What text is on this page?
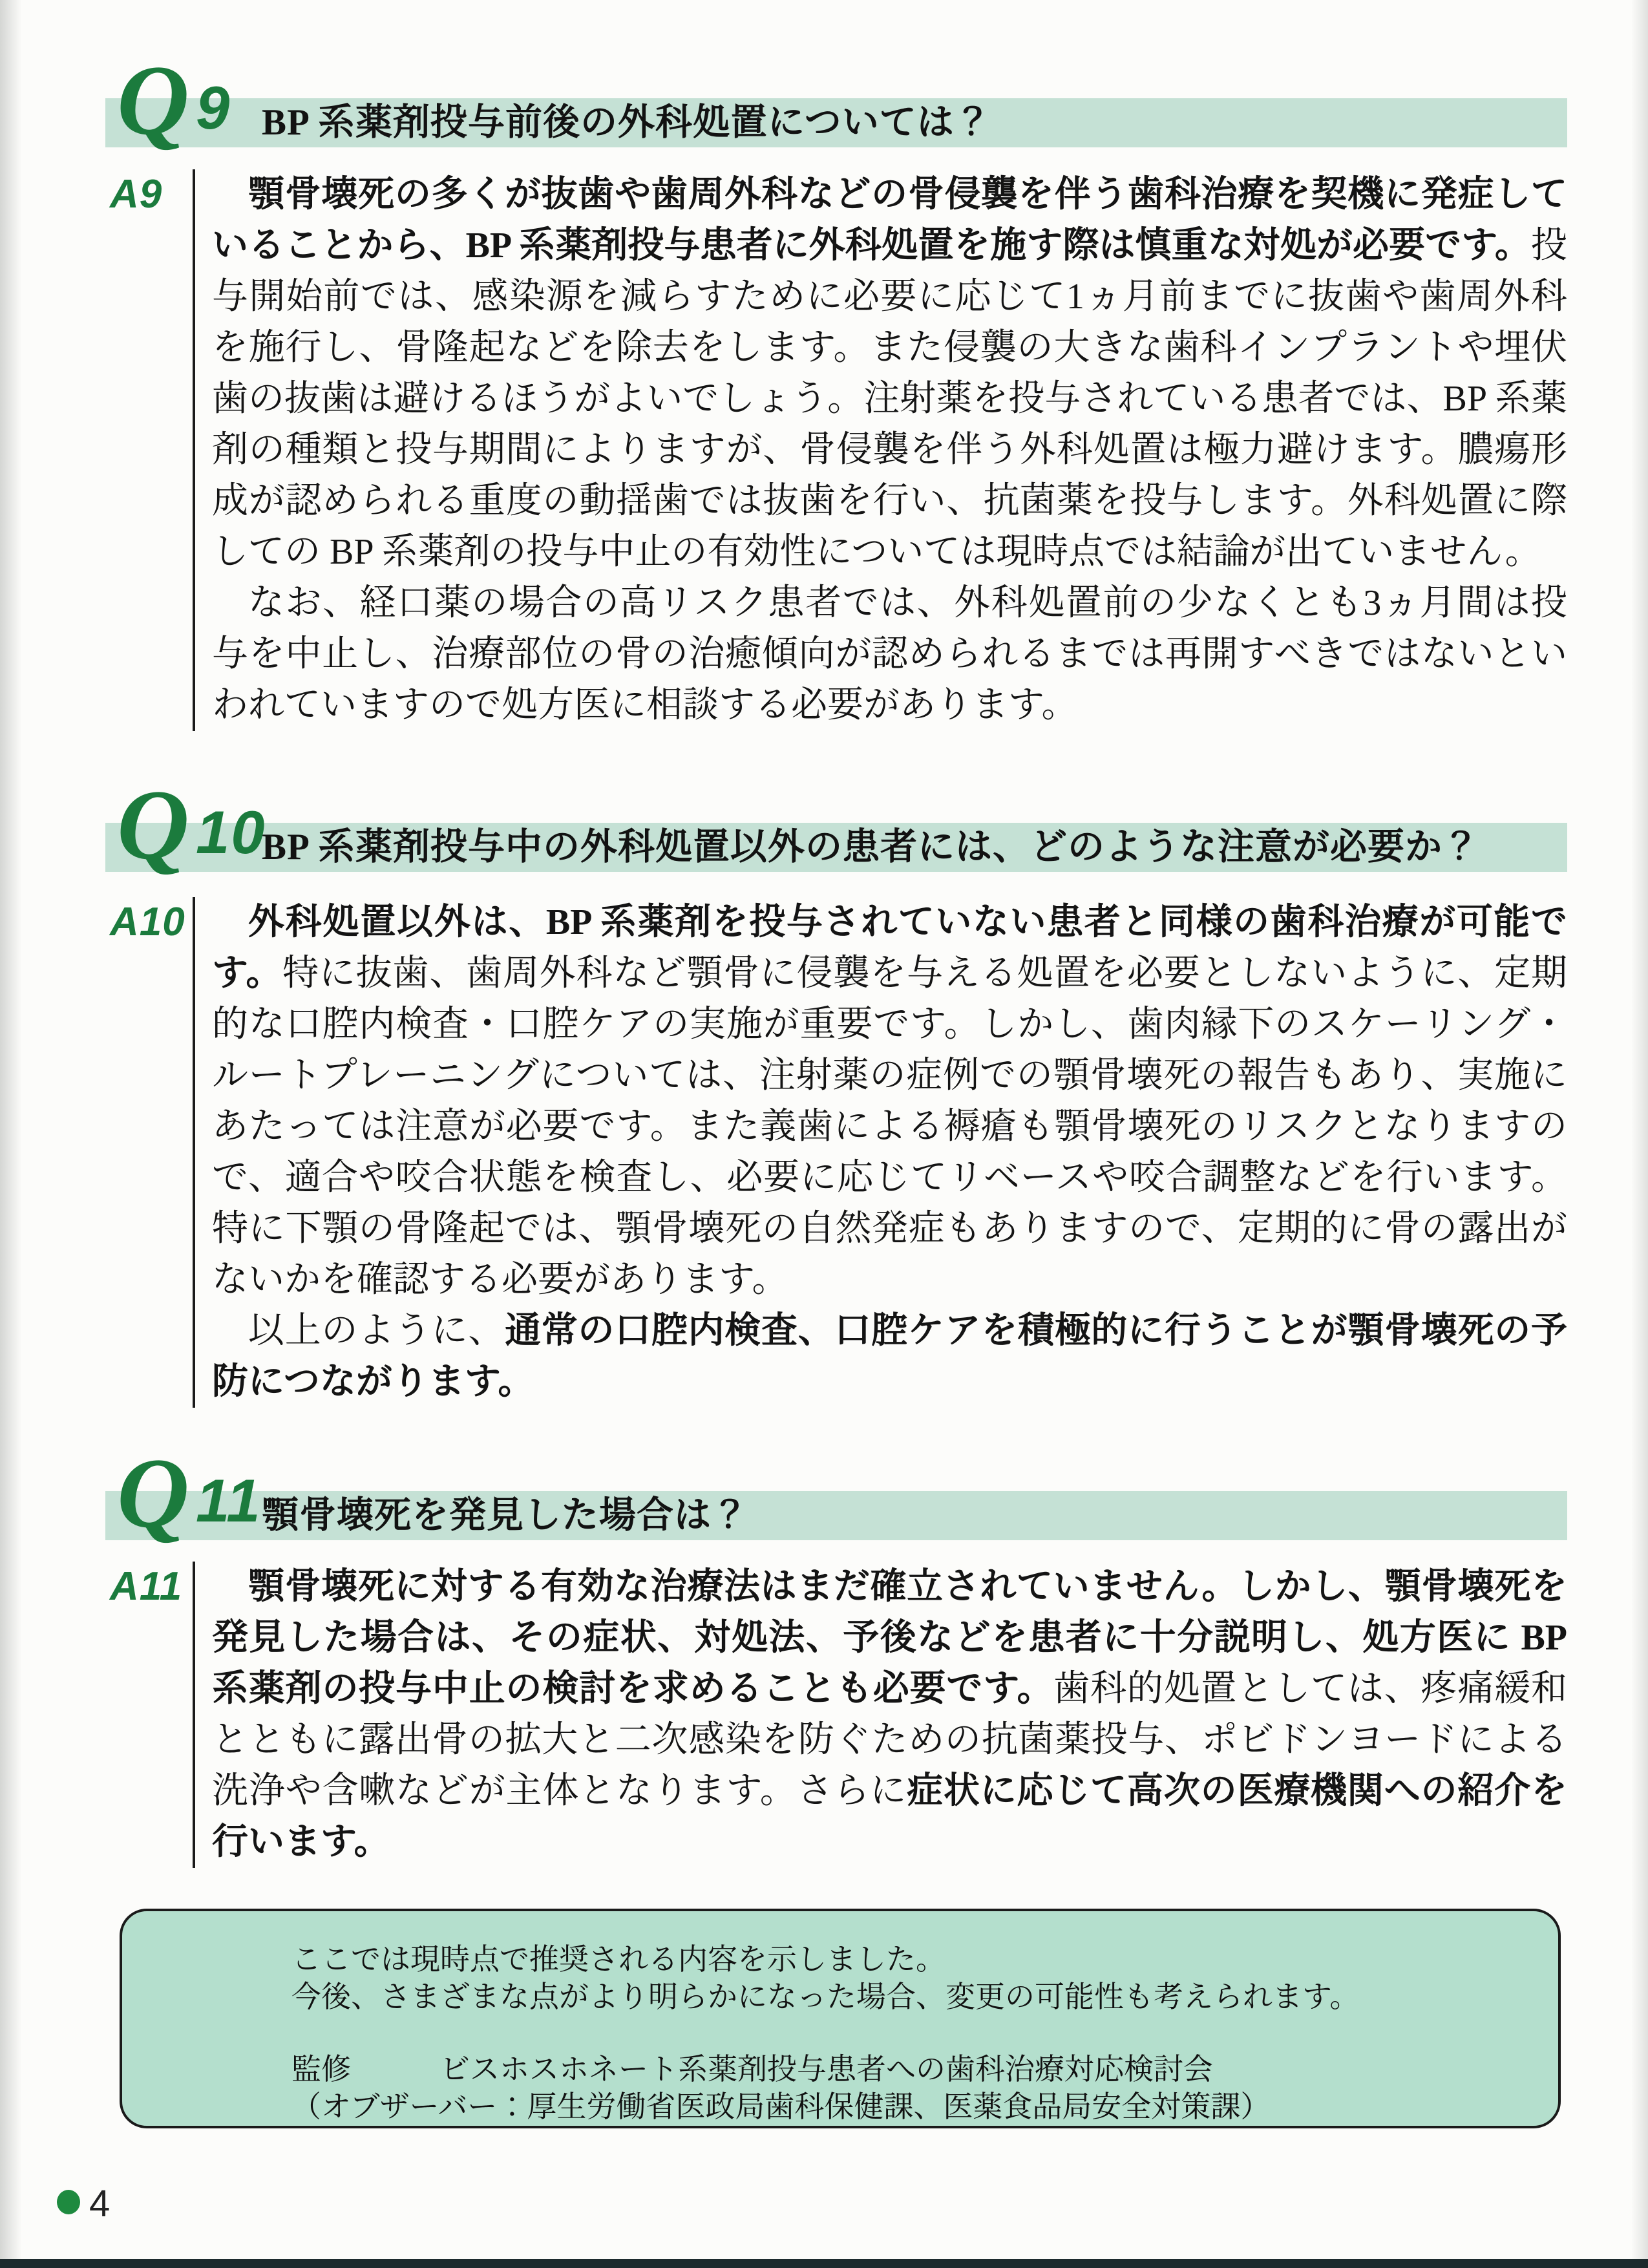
BP 系薬剤投与前後の外科処置については？
Q 9
A9	顎骨壊死の多くが抜歯や歯周外科などの骨侵襲を伴う歯科治療を契機に発症していることから、BP 系薬剤投与患者に外科処置を施す際は慎重な対処が必要です。投与開始前では、感染源を減らすために必要に応じて1ヵ月前までに抜歯や歯周外科を施行し、骨隆起などを除去をします。また侵襲の大きな歯科インプラントや埋伏歯の抜歯は避けるほうがよいでしょう。注射薬を投与されている患者では、BP 系薬剤の種類と投与期間によりますが、骨侵襲を伴う外科処置は極力避けます。膿瘍形成が認められる重度の動揺歯では抜歯を行い、抗菌薬を投与します。外科処置に際しての BP 系薬剤の投与中止の有効性については現時点では結論が出ていません。

なお、経口薬の場合の高リスク患者では、外科処置前の少なくとも3ヵ月間は投与を中止し、治療部位の骨の治癒傾向が認められるまでは再開すべきではないといわれていますので処方医に相談する必要があります。

BP 系薬剤投与中の外科処置以外の患者には、どのような注意が必要か？
Q 10
A10	外科処置以外は、BP 系薬剤を投与されていない患者と同様の歯科治療が可能です。特に抜歯、歯周外科など顎骨に侵襲を与える処置を必要としないように、定期的な口腔内検査・口腔ケアの実施が重要です。しかし、歯肉縁下のスケーリング・ルートプレーニングについては、注射薬の症例での顎骨壊死の報告もあり、実施にあたっては注意が必要です。また義歯による褥瘡も顎骨壊死のリスクとなりますので、適合や咬合状態を検査し、必要に応じてリベースや咬合調整などを行います。特に下顎の骨隆起では、顎骨壊死の自然発症もありますので、定期的に骨の露出がないかを確認する必要があります。

以上のように、通常の口腔内検査、口腔ケアを積極的に行うことが顎骨壊死の予防につながります。

顎骨壊死を発見した場合は？
Q 11
A11	顎骨壊死に対する有効な治療法はまだ確立されていません。しかし、顎骨壊死を発見した場合は、その症状、対処法、予後などを患者に十分説明し、処方医に BP 系薬剤の投与中止の検討を求めることも必要です。歯科的処置としては、疼痛緩和とともに露出骨の拡大と二次感染を防ぐための抗菌薬投与、ポビドンヨードによる洗浄や含嗽などが主体となります。さらに症状に応じて高次の医療機関への紹介を行います。

ここでは現時点で推奨される内容を示しました。

今後、さまざまな点がより明らかになった場合、変更の可能性も考えられます。

監修　　　ビスホスホネート系薬剤投与患者への歯科治療対応検討会

（オブザーバー：厚生労働省医政局歯科保健課、医薬食品局安全対策課）

4
